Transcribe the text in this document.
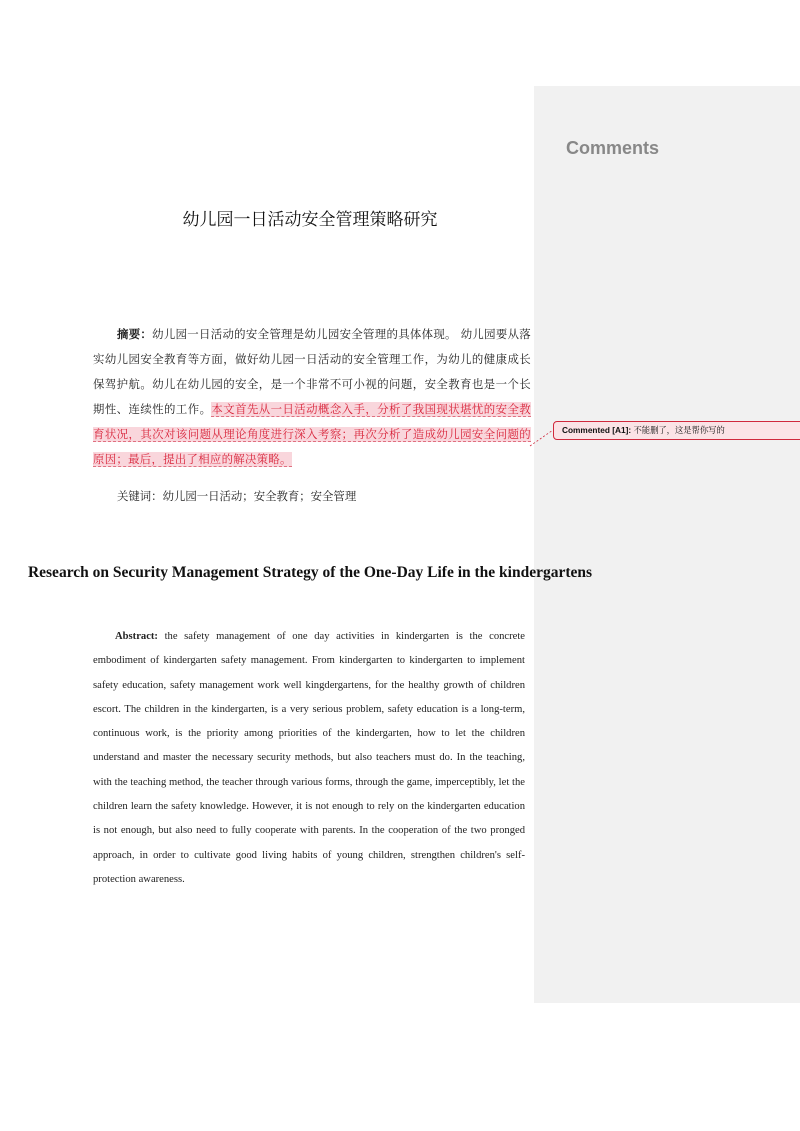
Comments
幼儿园一日活动安全管理策略研究
摘要：幼儿园一日活动的安全管理是幼儿园安全管理的具体体现。 幼儿园要从落实幼儿园安全教育等方面，做好幼儿园一日活动的安全管理工作，为幼儿的健康成长保驾护航。幼儿在幼儿园的安全，是一个非常不可小视的问题，安全教育也是一个长期性、连续性的工作。本文首先从一日活动概念入手，分析了我国现状堪忧的安全教育状况，其次对该问题从理论角度进行深入考察；再次分析了造成幼儿园安全问题的原因；最后，提出了相应的解决策略。
关键词：幼儿园一日活动；安全教育；安全管理
Research on Security Management Strategy of the One-Day Life in the kindergartens
Abstract: the safety management of one day activities in kindergarten is the concrete embodiment of kindergarten safety management. From kindergarten to kindergarten to implement safety education, safety management work well kingdergartens, for the healthy growth of children escort. The children in the kindergarten, is a very serious problem, safety education is a long-term, continuous work, is the priority among priorities of the kindergarten, how to let the children understand and master the necessary security methods, but also teachers must do. In the teaching, with the teaching method, the teacher through various forms, through the game, imperceptibly, let the children learn the safety knowledge. However, it is not enough to rely on the kindergarten education is not enough, but also need to fully cooperate with parents. In the cooperation of the two pronged approach, in order to cultivate good living habits of young children, strengthen children's self-protection awareness.
Commented [A1]: 不能删了，这是帮你写的
